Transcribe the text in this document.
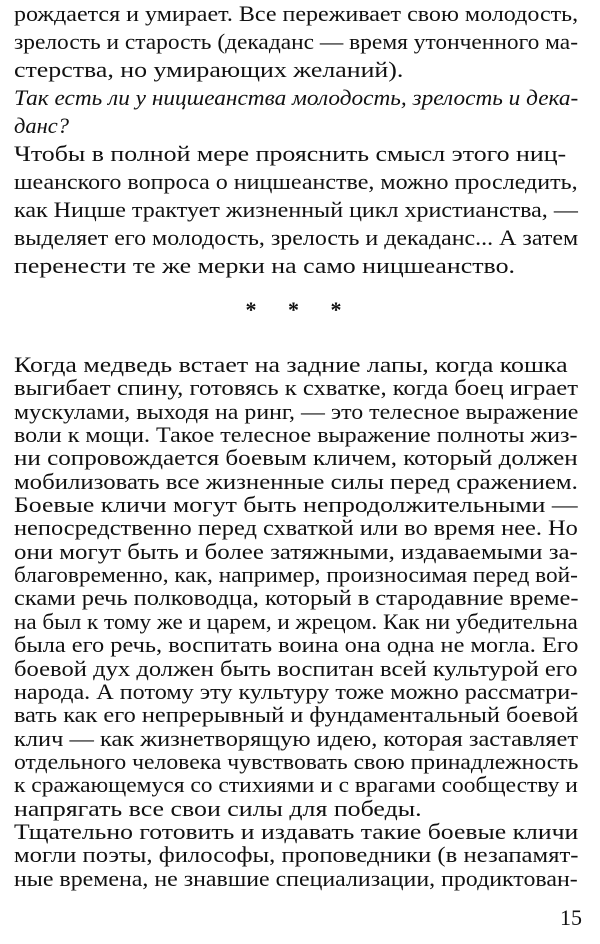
рождается и умирает. Все переживает свою молодость,
зрелость и старость (декаданс — время утонченного ма-
стерства, но умирающих желаний).
Так есть ли у ницшеанства молодость, зрелость и дека-
данс?
Чтобы в полной мере прояснить смысл этого ниц-
шеанского вопроса о ницшеанстве, можно проследить,
как Ницше трактует жизненный цикл христианства, —
выделяет его молодость, зрелость и декаданс... А затем
перенести те же мерки на само ницшеанство.
* * *
15
Когда медведь встает на задние лапы, когда кошка
выгибает спину, готовясь к схватке, когда боец играет
мускулами, выходя на ринг, — это телесное выражение
воли к мощи. Такое телесное выражение полноты жиз-
ни сопровождается боевым кличем, который должен
мобилизовать все жизненные силы перед сражением.
Боевые кличи могут быть непродолжительными —
непосредственно перед схваткой или во время нее. Но
они могут быть и более затяжными, издаваемыми за-
благовременно, как, например, произносимая перед вой-
сками речь полководца, который в стародавние време-
на был к тому же и царем, и жрецом. Как ни убедительна
была его речь, воспитать воина она одна не могла. Его
боевой дух должен быть воспитан всей культурой его
народа. А потому эту культуру тоже можно рассматри-
вать как его непрерывный и фундаментальный боевой
клич — как жизнетворящую идею, которая заставляет
отдельного человека чувствовать свою принадлежность
к сражающемуся со стихиями и с врагами сообществу и
напрягать все свои силы для победы.
Тщательно готовить и издавать такие боевые кличи
могли поэты, философы, проповедники (в незапамят-
ные времена, не знавшие специализации, продиктован-
